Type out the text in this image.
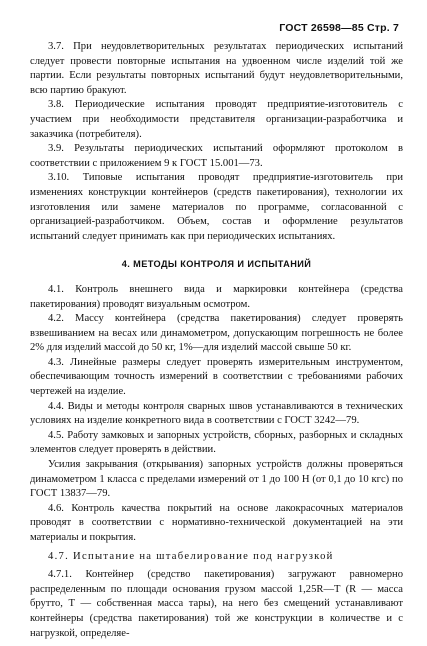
ГОСТ 26598—85 Стр. 7

3.7. При неудовлетворительных результатах периодических испытаний следует провести повторные испытания на удвоенном числе изделий той же партии. Если результаты повторных испытаний будут неудовлетворительными, всю партию бракуют.

3.8. Периодические испытания проводят предприятие-изготовитель с участием при необходимости представителя организации-разработчика и заказчика (потребителя).

3.9. Результаты периодических испытаний оформляют протоколом в соответствии с приложением 9 к ГОСТ 15.001—73.

3.10. Типовые испытания проводят предприятие-изготовитель при изменениях конструкции контейнеров (средств пакетирования), технологии их изготовления или замене материалов по программе, согласованной с организацией-разработчиком. Объем, состав и оформление результатов испытаний следует принимать как при периодических испытаниях.

4. МЕТОДЫ КОНТРОЛЯ И ИСПЫТАНИЙ

4.1. Контроль внешнего вида и маркировки контейнера (средства пакетирования) проводят визуальным осмотром.

4.2. Массу контейнера (средства пакетирования) следует проверять взвешиванием на весах или динамометром, допускающим погрешность не более 2% для изделий массой до 50 кг, 1%—для изделий массой свыше 50 кг.

4.3. Линейные размеры следует проверять измерительным инструментом, обеспечивающим точность измерений в соответствии с требованиями рабочих чертежей на изделие.

4.4. Виды и методы контроля сварных швов устанавливаются в технических условиях на изделие конкретного вида в соответствии с ГОСТ 3242—79.

4.5. Работу замковых и запорных устройств, сборных, разборных и складных элементов следует проверять в действии.

Усилия закрывания (открывания) запорных устройств должны проверяться динамометром 1 класса с пределами измерений от 1 до 100 Н (от 0,1 до 10 кгс) по ГОСТ 13837—79.

4.6. Контроль качества покрытий на основе лакокрасочных материалов проводят в соответствии с нормативно-технической документацией на эти материалы и покрытия.

4.7. Испытание на штабелирование под нагрузкой

4.7.1. Контейнер (средство пакетирования) загружают равномерно распределенным по площади основания грузом массой 1,25R—T (R — масса брутто, T — собственная масса тары), на него без смещений устанавливают контейнеры (средства пакетирования) той же конструкции в количестве и с нагрузкой, определяе-
